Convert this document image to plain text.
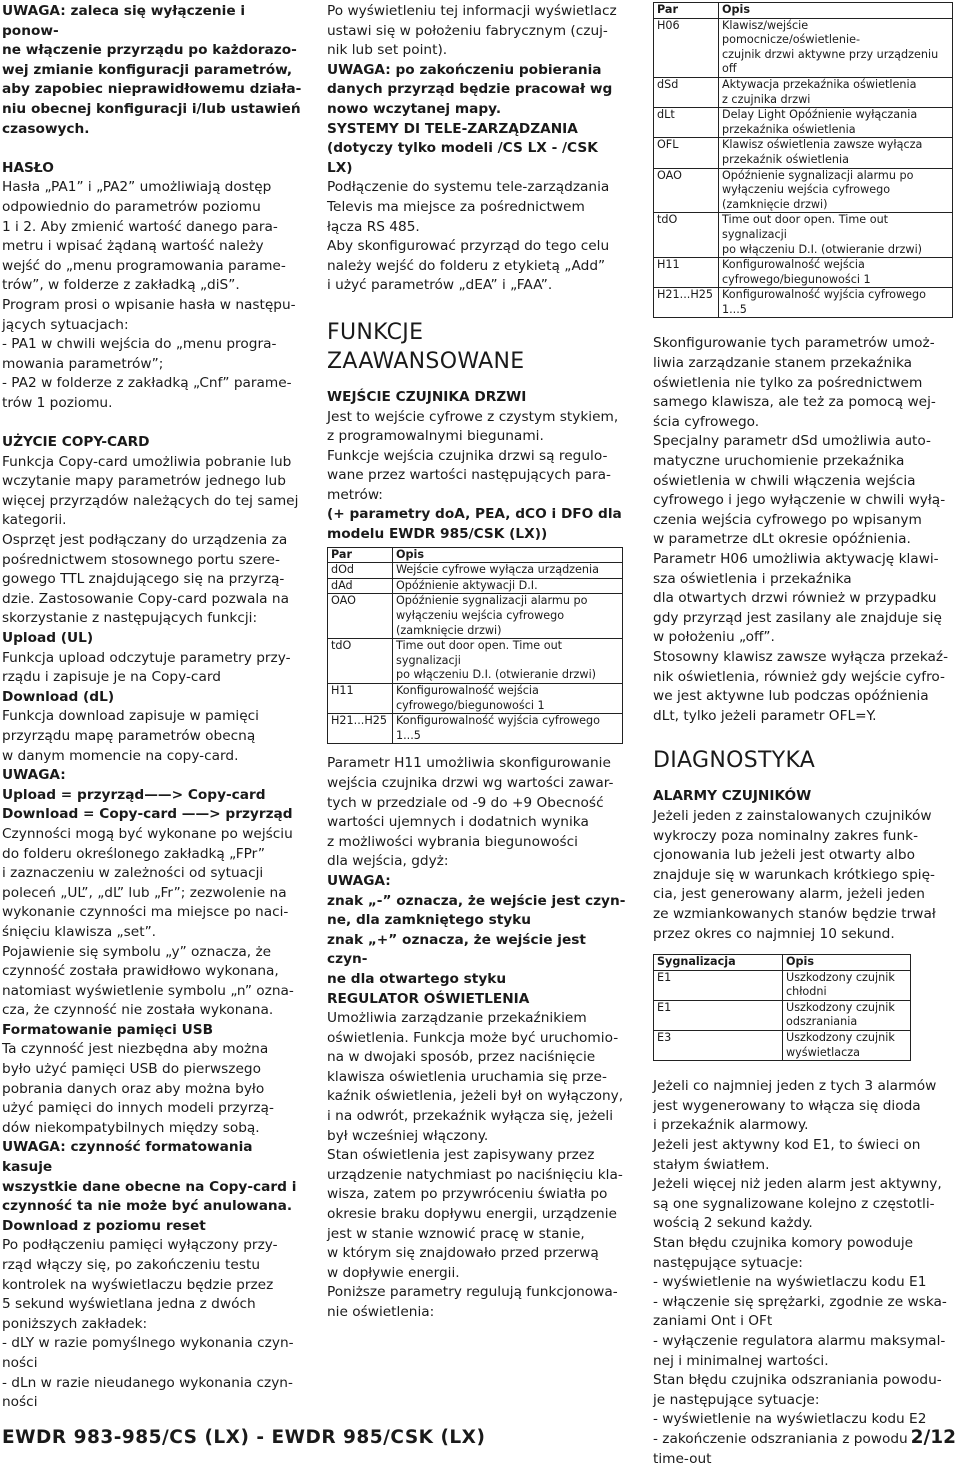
UWAGA: zaleca się wyłączenie i ponow-
ne włączenie przyrządu po każdorazo-
wej zmianie konfiguracji parametrów,
aby zapobiec nieprawidłowemu działa-
niu obecnej konfiguracji i/lub ustawień
czasowych.

HASŁO

Hasła „PA1” i „PA2” umożliwiają dostęp
odpowiednio do parametrów poziomu
1 i 2. Aby zmienić wartość danego para-
metru i wpisać żądaną wartość należy
wejść do „menu programowania parame-
trów”, w folderze z zakładką „diS”.
Program prosi o wpisanie hasła w następu-
jących sytuacjach:
- PA1 w chwili wejścia do „menu progra-
mowania parametrów”;
- PA2 w folderze z zakładką „Cnf” parame-
trów 1 poziomu.

UŻYCIE COPY-CARD

Funkcja Copy-card umożliwia pobranie lub
wczytanie mapy parametrów jednego lub
więcej przyrządów należących do tej samej
kategorii.
Osprzęt jest podłączany do urządzenia za
pośrednictwem stosownego portu szere-
gowego TTL znajdującego się na przyrzą-
dzie. Zastosowanie Copy-card pozwala na
skorzystanie z następujących funkcji:

Upload (UL)

Funkcja upload odczytuje parametry przy-
rządu i zapisuje je na Copy-card

Download (dL)

Funkcja download zapisuje w pamięci
przyrządu mapę parametrów obecną
w danym momencie na copy-card.

UWAGA:
Upload = przyrząd——> Copy-card
Download = Copy-card ——> przyrząd

Czynności mogą być wykonane po wejściu
do folderu określonego zakładką „FPr”
i zaznaczeniu w zależności od sytuacji
poleceń „UL”, „dL” lub „Fr”; zezwolenie na
wykonanie czynności ma miejsce po naci-
śnięciu klawisza „set”.
Pojawienie się symbolu „y” oznacza, że
czynność została prawidłowo wykonana,
natomiast wyświetlenie symbolu „n” ozna-
cza, że czynność nie została wykonana.

Formatowanie pamięci USB

Ta czynność jest niezbędna aby można
było użyć pamięci USB do pierwszego
pobrania danych oraz aby można było
użyć pamięci do innych modeli przyrzą-
dów niekompatybilnych między sobą.

UWAGA: czynność formatowania kasuje
wszystkie dane obecne na Copy-card i
czynność ta nie może być anulowana.
Download z poziomu reset

Po podłączeniu pamięci wyłączony przy-
rząd włączy się, po zakończeniu testu
kontrolek na wyświetlaczu będzie przez
5 sekund wyświetlana jedna z dwóch
poniższych zakładek:
- dLY w razie pomyślnego wykonania czyn-
ności
- dLn w razie nieudanego wykonania czyn-
ności

Po wyświetleniu tej informacji wyświetlacz
ustawi się w położeniu fabrycznym (czuj-
nik lub set point).

UWAGA: po zakończeniu pobierania
danych przyrząd będzie pracował wg
nowo wczytanej mapy.
SYSTEMY DI TELE-ZARZĄDZANIA
(dotyczy tylko modeli /CS LX - /CSK
LX)

Podłączenie do systemu tele-zarządzania
Televis ma miejsce za pośrednictwem
łącza RS 485.
Aby skonfigurować przyrząd do tego celu
należy wejść do folderu z etykietą „Add”
i użyć parametrów „dEA” i „FAA”.

FUNKCJE
ZAAWANSOWANE

WEJŚCIE CZUJNIKA DRZWI

Jest to wejście cyfrowe z czystym stykiem,
z programowalnymi biegunami.
Funkcje wejścia czujnika drzwi są regulo-
wane przez wartości następujących para-
metrów:

(+ parametry doA, PEA, dCO i DFO dla
modelu EWDR 985/CSK (LX))

Par	Opis
dOd	Wejście cyfrowe wyłącza urządzenia
dAd	Opóźnienie aktywacji D.I.
OAO	Opóźnienie sygnalizacji alarmu po
wyłączeniu wejścia cyfrowego
(zamknięcie drzwi)
tdO	Time out door open. Time out sygnalizacji
po włączeniu D.I. (otwieranie drzwi)
H11	Konfigurowalność wejścia
cyfrowego/biegunowości 1
H21...H25	Konfigurowalność wyjścia cyfrowego 1...5

Parametr H11 umożliwia skonfigurowanie
wejścia czujnika drzwi wg wartości zawar-
tych w przedziale od -9 do +9 Obecność
wartości ujemnych i dodatnich wynika
z możliwości wybrania biegunowości
dla wejścia, gdyż:

UWAGA:
znak „-” oznacza, że wejście jest czyn-
ne, dla zamkniętego styku
znak „+” oznacza, że wejście jest czyn-
ne dla otwartego styku
REGULATOR OŚWIETLENIA

Umożliwia zarządzanie przekaźnikiem
oświetlenia. Funkcja może być uruchomio-
na w dwojaki sposób, przez naciśnięcie
klawisza oświetlenia uruchamia się prze-
kaźnik oświetlenia, jeżeli był on wyłączony,
i na odwrót, przekaźnik wyłącza się, jeżeli
był wcześniej włączony.
Stan oświetlenia jest zapisywany przez
urządzenie natychmiast po naciśnięciu kla-
wisza, zatem po przywróceniu światła po
okresie braku dopływu energii, urządzenie
jest w stanie wznowić pracę w stanie,
w którym się znajdowało przed przerwą
w dopływie energii.
Poniższe parametry regulują funkcjonowa-
nie oświetlenia:

Par	Opis
H06	Klawisz/wejście pomocnicze/oświetlenie-
czujnik drzwi aktywne przy urządzeniu off
dSd	Aktywacja przekaźnika oświetlenia
z czujnika drzwi
dLt	Delay Light Opóźnienie wyłączania
przekaźnika oświetlenia
OFL	Klawisz oświetlenia zawsze wyłącza
przekaźnik oświetlenia
OAO	Opóźnienie sygnalizacji alarmu po
wyłączeniu wejścia cyfrowego
(zamknięcie drzwi)
tdO	Time out door open. Time out sygnalizacji
po włączeniu D.I. (otwieranie drzwi)
H11	Konfigurowalność wejścia
cyfrowego/biegunowości 1
H21...H25	Konfigurowalność wyjścia cyfrowego 1...5

Skonfigurowanie tych parametrów umoż-
liwia zarządzanie stanem przekaźnika
oświetlenia nie tylko za pośrednictwem
samego klawisza, ale też za pomocą wej-
ścia cyfrowego.
Specjalny parametr dSd umożliwia auto-
matyczne uruchomienie przekaźnika
oświetlenia w chwili włączenia wejścia
cyfrowego i jego wyłączenie w chwili wyłą-
czenia wejścia cyfrowego po wpisanym
w parametrze dLt okresie opóźnienia.
Parametr H06 umożliwia aktywację klawi-
sza oświetlenia i przekaźnika
dla otwartych drzwi również w przypadku
gdy przyrząd jest zasilany ale znajduje się
w położeniu „off”.
Stosowny klawisz zawsze wyłącza przekaź-
nik oświetlenia, również gdy wejście cyfro-
we jest aktywne lub podczas opóźnienia
dLt, tylko jeżeli parametr OFL=Y.

DIAGNOSTYKA

ALARMY CZUJNIKÓW

Jeżeli jeden z zainstalowanych czujników
wykroczy poza nominalny zakres funk-
cjonowania lub jeżeli jest otwarty albo
znajduje się w warunkach krótkiego spię-
cia, jest generowany alarm, jeżeli jeden
ze wzmiankowanych stanów będzie trwał
przez okres co najmniej 10 sekund.

Sygnalizacja	Opis
E1	Uszkodzony czujnik chłodni
E1	Uszkodzony czujnik
odszraniania
E3	Uszkodzony czujnik
wyświetlacza

Jeżeli co najmniej jeden z tych 3 alarmów
jest wygenerowany to włącza się dioda
i przekaźnik alarmowy.
Jeżeli jest aktywny kod E1, to świeci on
stałym światłem.
Jeżeli więcej niż jeden alarm jest aktywny,
są one sygnalizowane kolejno z częstotli-
wością 2 sekund każdy.
Stan błędu czujnika komory powoduje
następujące sytuacje:
- wyświetlenie na wyświetlaczu kodu E1
- włączenie się sprężarki, zgodnie ze wska-
zaniami Ont i OFt
- wyłączenie regulatora alarmu maksymal-
nej i minimalnej wartości.
Stan błędu czujnika odszraniania powodu-
je następujące sytuacje:
- wyświetlenie na wyświetlaczu kodu E2
- zakończenie odszraniania z powodu
time-out

EWDR 983-985/CS (LX) - EWDR 985/CSK (LX)	2/12
